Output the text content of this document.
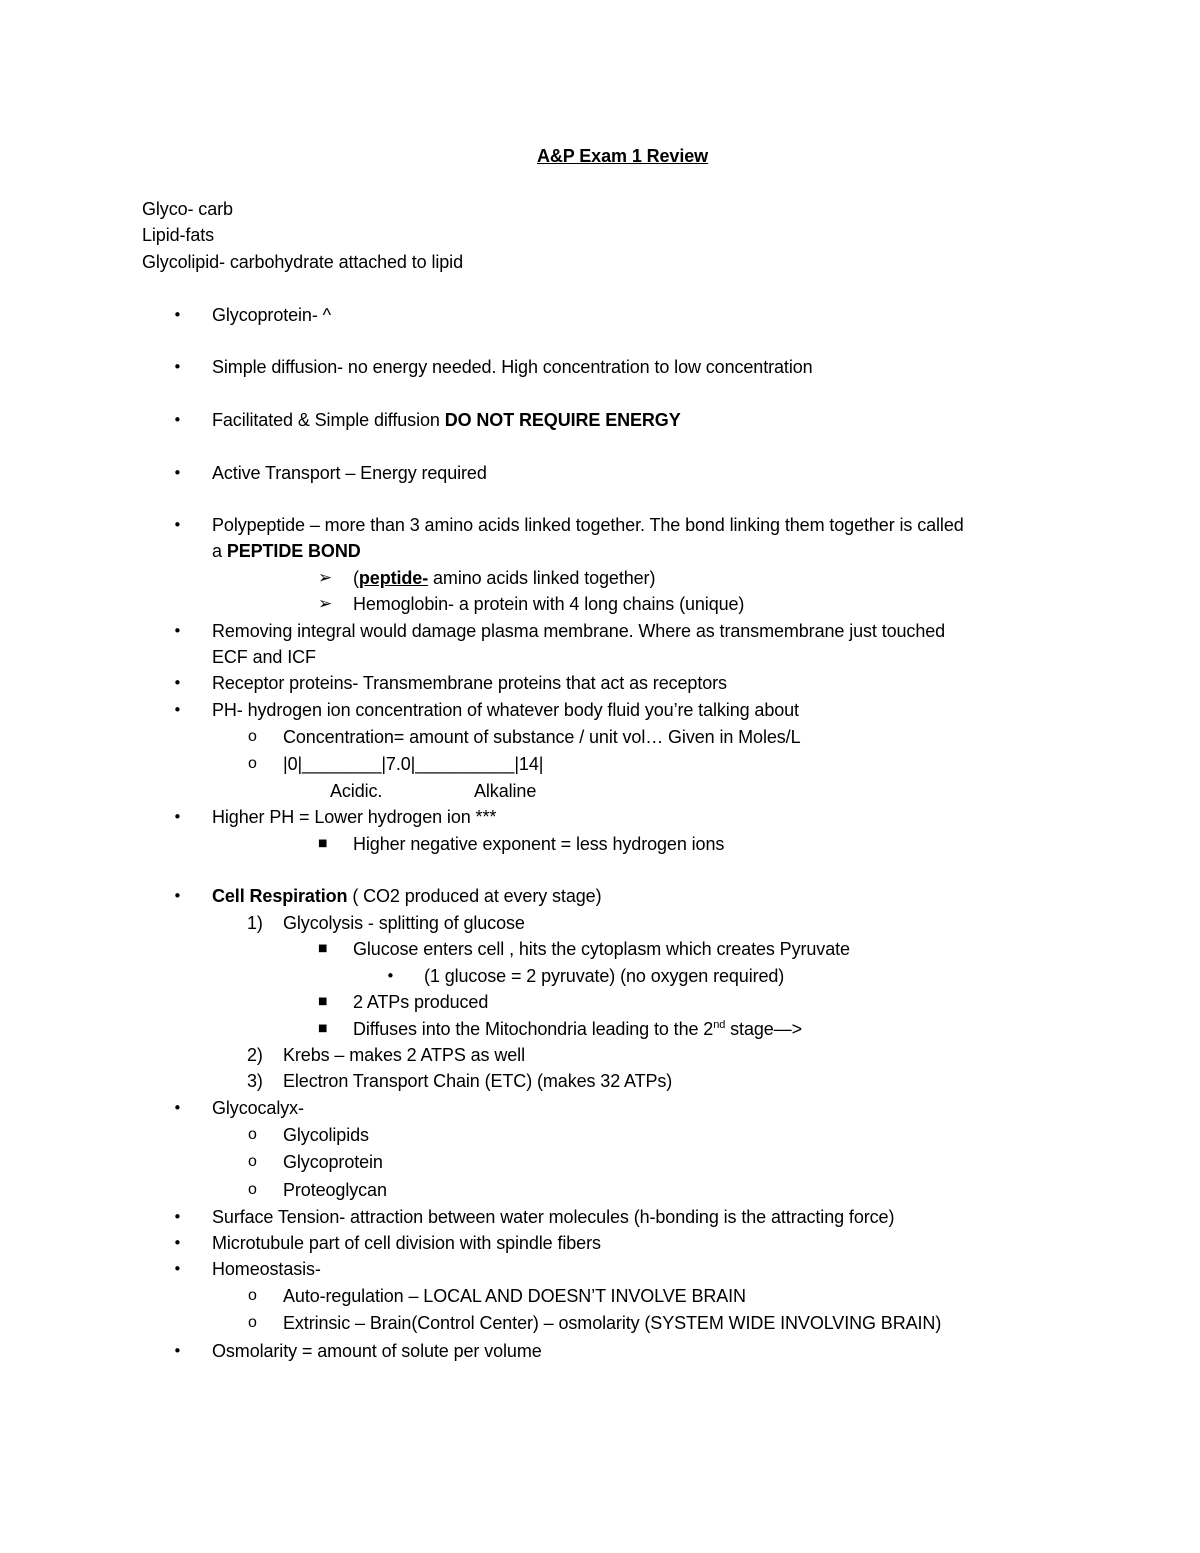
A&P Exam 1 Review
Glyco- carb
Lipid-fats
Glycolipid- carbohydrate attached to lipid
• Glycoprotein- ^
• Simple diffusion- no energy needed. High concentration to low concentration
• Facilitated & Simple diffusion DO NOT REQUIRE ENERGY
• Active Transport – Energy required
• Polypeptide – more than 3 amino acids linked together. The bond linking them together is called
a PEPTIDE BOND
➢ (peptide- amino acids linked together)
➢ Hemoglobin- a protein with 4 long chains (unique)
• Removing integral would damage plasma membrane. Where as transmembrane just touched
ECF and ICF
• Receptor proteins- Transmembrane proteins that act as receptors
• PH- hydrogen ion concentration of whatever body fluid you’re talking about
o Concentration= amount of substance / unit vol… Given in Moles/L
o |0|________|7.0|__________|14|
Acidic.	Alkaline
• Higher PH = Lower hydrogen ion ***
■ Higher negative exponent = less hydrogen ions
• Cell Respiration ( CO2 produced at every stage)
1) Glycolysis - splitting of glucose
■ Glucose enters cell , hits the cytoplasm which creates Pyruvate
• (1 glucose = 2 pyruvate) (no oxygen required)
■ 2 ATPs produced
■ Diffuses into the Mitochondria leading to the 2nd stage—>
2) Krebs – makes 2 ATPS as well
3) Electron Transport Chain (ETC) (makes 32 ATPs)
• Glycocalyx-
o Glycolipids
o Glycoprotein
o Proteoglycan
• Surface Tension- attraction between water molecules (h-bonding is the attracting force)
• Microtubule part of cell division with spindle fibers
• Homeostasis-
o Auto-regulation – LOCAL AND DOESN’T INVOLVE BRAIN
o Extrinsic – Brain(Control Center) – osmolarity (SYSTEM WIDE INVOLVING BRAIN)
• Osmolarity = amount of solute per volume
